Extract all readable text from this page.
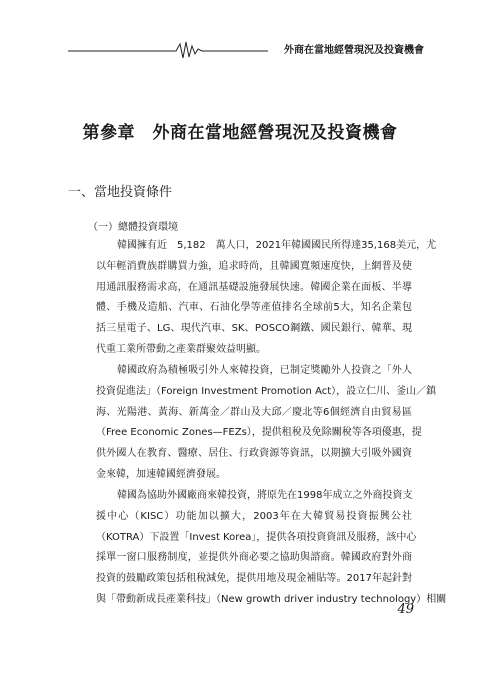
外商在當地經營現況及投資機會
第參章　外商在當地經營現況及投資機會
一、當地投資條件
（一）總體投資環境
韓國擁有近　5,182　萬人口，2021年韓國國民所得達35,168美元，尤
以年輕消費族群購買力強，追求時尚，且韓國寬頻速度快，上網普及使
用通訊服務需求高，在通訊基礎設施發展快速。韓國企業在面板、半導
體、手機及造船、汽車、石油化學等產值排名全球前5大，知名企業包
括三星電子、LG、現代汽車、SK、POSCO鋼鐵、國民銀行、韓華、現
代重工業所帶動之產業群聚效益明顯。
韓國政府為積極吸引外人來韓投資，已制定獎勵外人投資之「外人
投資促進法」（Foreign Investment Promotion Act），設立仁川、釜山／鎮
海、光陽港、黃海、新萬金／群山及大邱／慶北等6個經濟自由貿易區
（Free Economic Zones—FEZs），提供租稅及免除關稅等各項優惠，提
供外國人在教育、醫療、居住、行政資源等資訊，以期擴大引吸外國資
金來韓，加速韓國經濟發展。
韓國為協助外國廠商來韓投資，將原先在1998年成立之外商投資支
援中心（KISC）功能加以擴大，2003年在大韓貿易投資振興公社
（KOTRA）下設置「Invest Korea」，提供各項投資資訊及服務，該中心
採單一窗口服務制度，並提供外商必要之協助與諮商。韓國政府對外商
投資的鼓勵政策包括租稅減免，提供用地及現金補貼等。2017年起針對
與「帶動新成長產業科技」（New growth driver industry technology）相關
49
